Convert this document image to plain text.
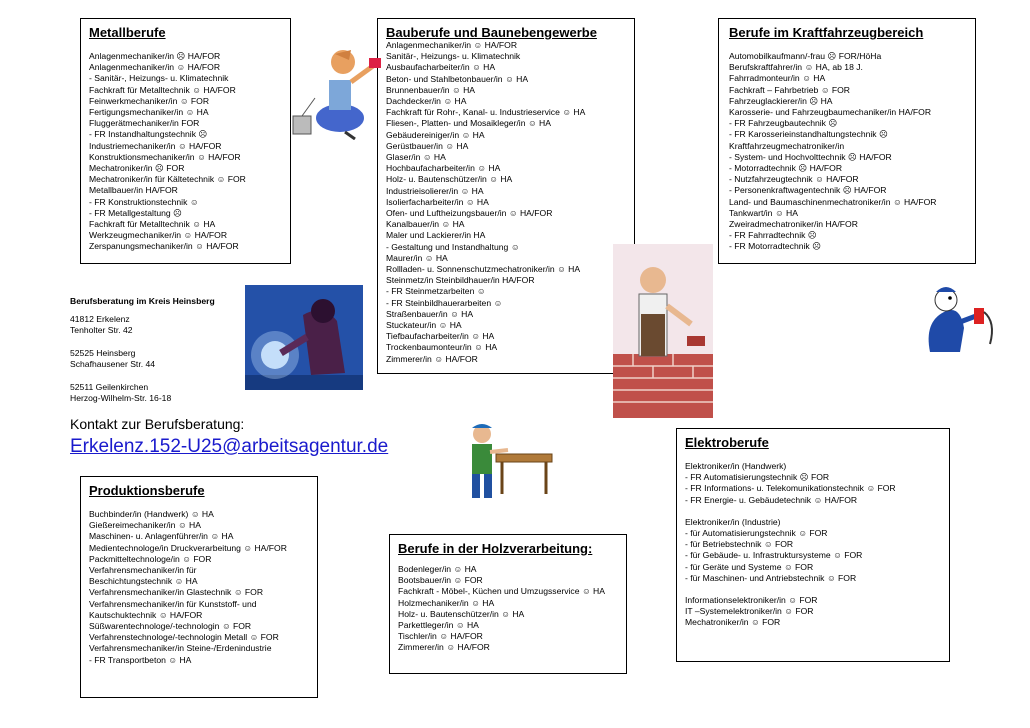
Metallberufe
Anlagenmechaniker/in ☹ HA/FOR
Anlagenmechaniker/in ☺ HA/FOR
- Sanitär-, Heizungs- u. Klimatechnik
Fachkraft für Metalltechnik ☺ HA/FOR
Feinwerkmechaniker/in ☺ FOR
Fertigungsmechaniker/in ☺ HA
Fluggerätmechaniker/in FOR
- FR Instandhaltungstechnik ☹
Industriemechaniker/in ☺ HA/FOR
Konstruktionsmechaniker/in ☺ HA/FOR
Mechatroniker/in ☹ FOR
Mechatroniker/in für Kältetechnik ☺ FOR
Metallbauer/in HA/FOR
- FR Konstruktionstechnik ☺
- FR Metallgestaltung ☹
Fachkraft für Metalltechnik ☺ HA
Werkzeugmechaniker/in ☺ HA/FOR
Zerspanungsmechaniker/in ☺ HA/FOR
Bauberufe und Baunebengewerbe
Anlagenmechaniker/in ☺ HA/FOR
Sanitär-, Heizungs- u. Klimatechnik
Ausbaufacharbeiter/in ☺ HA
Beton- und Stahlbetonbauer/in ☺ HA
Brunnenbauer/in ☺ HA
Dachdecker/in ☺ HA
Fachkraft für Rohr-, Kanal- u. Industrieservice ☺ HA
Fliesen-, Platten- und Mosaikleger/in ☺ HA
Gebäudereiniger/in ☺ HA
Gerüstbauer/in ☺ HA
Glaser/in ☺ HA
Hochbaufacharbeiter/in ☺ HA
Holz- u. Bautenschützer/in ☺ HA
Industrieisolierer/in ☺ HA
Isolierfacharbeiter/in ☺ HA
Ofen- und Luftheizungsbauer/in ☺ HA/FOR
Kanalbauer/in ☺ HA
Maler und Lackierer/in HA
- Gestaltung und Instandhaltung ☺
Maurer/in ☺ HA
Rollladen- u. Sonnenschutzmechatroniker/in ☺ HA
Steinmetz/in Steinbildhauer/in HA/FOR
- FR Steinmetzarbeiten ☺
- FR Steinbildhauerarbeiten ☺
Straßenbauer/in ☺ HA
Stuckateur/in ☺ HA
Tiefbaufacharbeiter/in ☺ HA
Trockenbaumonteur/in ☺ HA
Zimmerer/in ☺ HA/FOR
Berufe im Kraftfahrzeugbereich
Automobilkaufmann/-frau ☹ FOR/HöHa
Berufskraftfahrer/in ☺ HA, ab 18 J.
Fahrradmonteur/in ☺ HA
Fachkraft – Fahrbetrieb ☺ FOR
Fahrzeuglackierer/in ☹ HA
Karosserie- und Fahrzeugbaumechaniker/in HA/FOR
- FR Fahrzeugbautechnik ☹
- FR Karosserieinstandhaltungstechnik ☹
Kraftfahrzeugmechatroniker/in
- System- und Hochvolttechnik ☹ HA/FOR
- Motorradtechnik ☹ HA/FOR
- Nutzfahrzeugtechnik ☺ HA/FOR
- Personenkraftwagentechnik ☹ HA/FOR
Land- und Baumaschinenmechatroniker/in ☺ HA/FOR
Tankwart/in ☺ HA
Zweiradmechatroniker/in HA/FOR
- FR Fahrradtechnik ☹
- FR Motorradtechnik ☹
Berufsberatung im Kreis Heinsberg
41812 Erkelenz
Tenholter Str. 42
52525 Heinsberg
Schafhausener Str. 44
52511 Geilenkirchen
Herzog-Wilhelm-Str. 16-18
Kontakt zur Berufsberatung:
Erkelenz.152-U25@arbeitsagentur.de
Produktionsberufe
Buchbinder/in (Handwerk) ☺ HA
Gießereimechaniker/in ☺ HA
Maschinen- u. Anlagenführer/in ☺ HA
Medientechnologe/in Druckverarbeitung ☺ HA/FOR
Packmitteltechnologe/in ☺ FOR
Verfahrensmechaniker/in für
Beschichtungstechnik ☺ HA
Verfahrensmechaniker/in Glastechnik ☺ FOR
Verfahrensmechaniker/in für Kunststoff- und
Kautschuktechnik ☺ HA/FOR
Süßwarentechnologe/-technologin ☺ FOR
Verfahrenstechnologe/-technologin Metall ☺ FOR
Verfahrensmechaniker/in Steine-/Erdenindustrie
- FR Transportbeton ☺ HA
Berufe in der Holzverarbeitung:
Bodenleger/in ☺ HA
Bootsbauer/in ☺ FOR
Fachkraft - Möbel-, Küchen und Umzugsservice ☺ HA
Holzmechaniker/in ☺ HA
Holz- u. Bautenschützer/in ☺ HA
Parkettleger/in ☺ HA
Tischler/in ☺ HA/FOR
Zimmerer/in ☺ HA/FOR
Elektroberufe
Elektroniker/in (Handwerk)
- FR Automatisierungstechnik ☹ FOR
- FR Informations- u. Telekomunikationstechnik ☺ FOR
- FR Energie- u. Gebäudetechnik ☺ HA/FOR
Elektroniker/in (Industrie)
- für Automatisierungstechnik ☺ FOR
- für Betriebstechnik ☺ FOR
- für Gebäude- u. Infrastruktursysteme ☺ FOR
- für Geräte und Systeme ☺ FOR
- für Maschinen- und Antriebstechnik ☺ FOR
Informationselektroniker/in ☺ FOR
IT –Systemelektroniker/in ☺ FOR
Mechatroniker/in ☺ FOR
